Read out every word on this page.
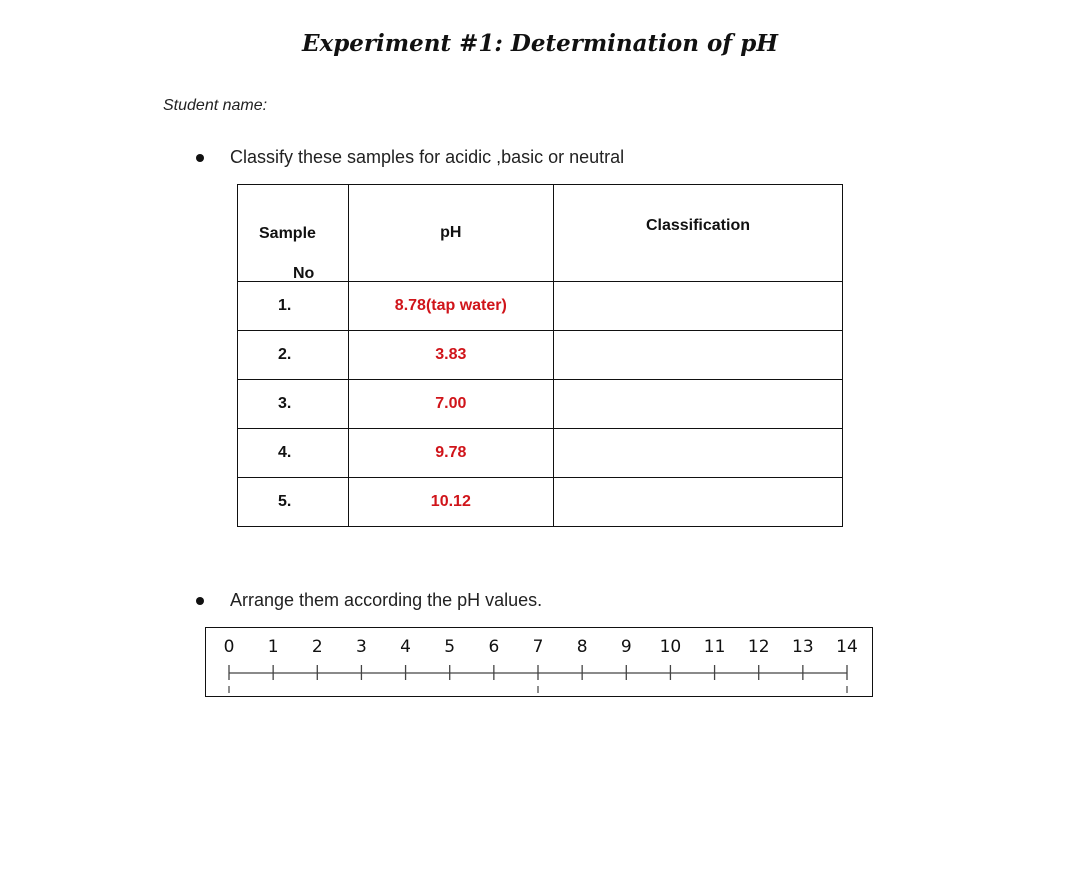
Experiment #1: Determination of pH
Student name:
Classify these samples for acidic ,basic or neutral
Sample
No	pH	Classification
1.	8.78(tap water)	
2.	3.83	
3.	7.00	
4.	9.78	
5.	10.12	
Arrange them according the pH values.
0 1 2 3 4 5 6 7 8 9 10 11 12 13 14
